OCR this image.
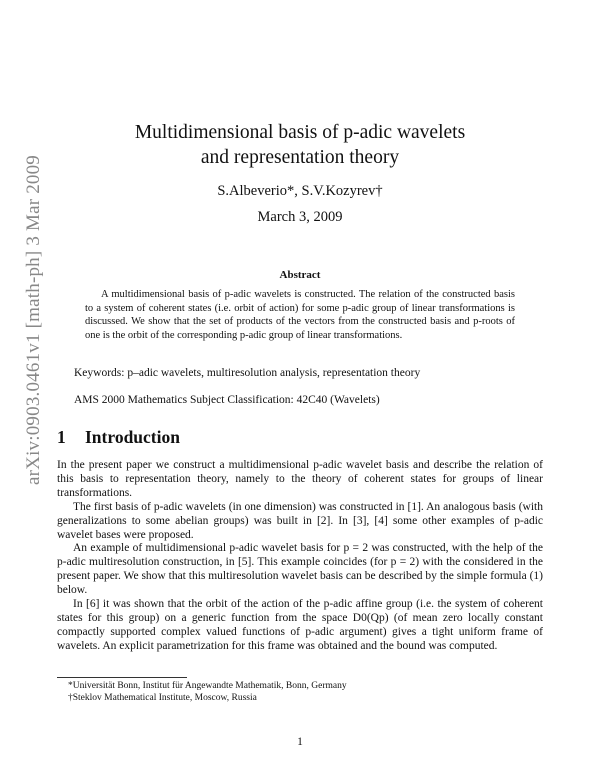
arXiv:0903.0461v1 [math-ph] 3 Mar 2009
Multidimensional basis of p-adic wavelets
and representation theory
S.Albeverio*, S.V.Kozyrev†
March 3, 2009
Abstract
A multidimensional basis of p-adic wavelets is constructed. The relation of the constructed basis to a system of coherent states (i.e. orbit of action) for some p-adic group of linear transformations is discussed. We show that the set of products of the vectors from the constructed basis and p-roots of one is the orbit of the corresponding p-adic group of linear transformations.
Keywords: p–adic wavelets, multiresolution analysis, representation theory
AMS 2000 Mathematics Subject Classification: 42C40 (Wavelets)
1 Introduction

In the present paper we construct a multidimensional p-adic wavelet basis and describe the relation of this basis to representation theory, namely to the theory of coherent states for groups of linear transformations.

The first basis of p-adic wavelets (in one dimension) was constructed in [1]. An analogous basis (with generalizations to some abelian groups) was built in [2]. In [3], [4] some other examples of p-adic wavelet bases were proposed.

An example of multidimensional p-adic wavelet basis for p = 2 was constructed, with the help of the p-adic multiresolution construction, in [5]. This example coincides (for p = 2) with the considered in the present paper. We show that this multiresolution wavelet basis can be described by the simple formula (1) below.

In [6] it was shown that the orbit of the action of the p-adic affine group (i.e. the system of coherent states for this group) on a generic function from the space D0(Qp) (of mean zero locally constant compactly supported complex valued functions of p-adic argument) gives a tight uniform frame of wavelets. An explicit parametrization for this frame was obtained and the bound was computed.

*Universität Bonn, Institut für Angewandte Mathematik, Bonn, Germany
†Steklov Mathematical Institute, Moscow, Russia
1
